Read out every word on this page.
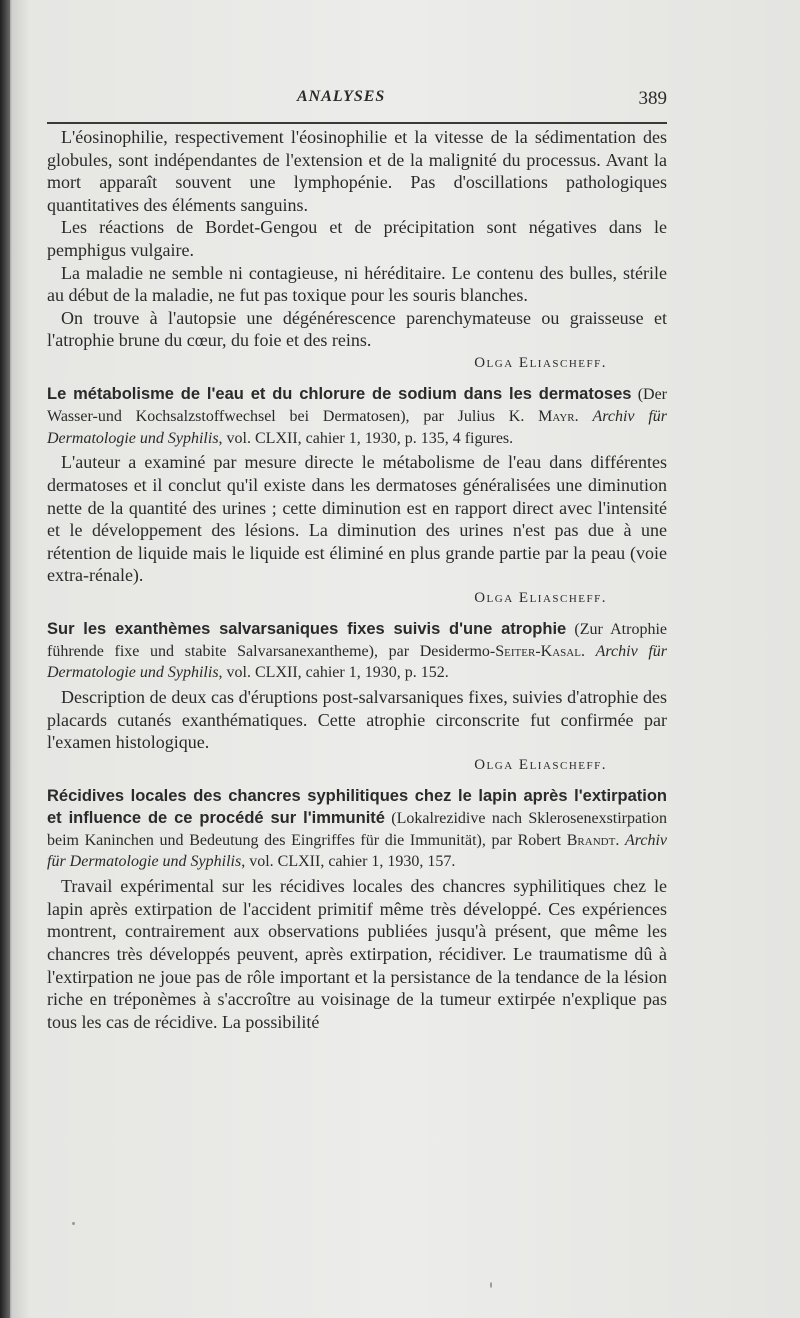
ANALYSES	389

L'éosinophilie, respectivement l'éosinophilie et la vitesse de la sédimentation des globules, sont indépendantes de l'extension et de la malignité du processus. Avant la mort apparaît souvent une lymphopénie. Pas d'oscillations pathologiques quantitatives des éléments sanguins.

Les réactions de Bordet-Gengou et de précipitation sont négatives dans le pemphigus vulgaire.

La maladie ne semble ni contagieuse, ni héréditaire. Le contenu des bulles, stérile au début de la maladie, ne fut pas toxique pour les souris blanches.

On trouve à l'autopsie une dégénérescence parenchymateuse ou graisseuse et l'atrophie brune du cœur, du foie et des reins.

Olga Eliascheff.
Le métabolisme de l'eau et du chlorure de sodium dans les dermatoses (Der Wasser-und Kochsalzstoffwechsel bei Dermatosen), par Julius K. Mayr. Archiv für Dermatologie und Syphilis, vol. CLXII, cahier 1, 1930, p. 135, 4 figures.

L'auteur a examiné par mesure directe le métabolisme de l'eau dans différentes dermatoses et il conclut qu'il existe dans les dermatoses généralisées une diminution nette de la quantité des urines ; cette diminution est en rapport direct avec l'intensité et le développement des lésions. La diminution des urines n'est pas due à une rétention de liquide mais le liquide est éliminé en plus grande partie par la peau (voie extra-rénale).

Olga Eliascheff.
Sur les exanthèmes salvarsaniques fixes suivis d'une atrophie (Zur Atrophie führende fixe und stabite Salvarsanexanthеme), par Desidermo-Seiter-Kasal. Archiv für Dermatologie und Syphilis, vol. CLXII, cahier 1, 1930, p. 152.

Description de deux cas d'éruptions post-salvarsaniques fixes, suivies d'atrophie des placards cutanés exanthématiques. Cette atrophie circonscrite fut confirmée par l'examen histologique.

Olga Eliascheff.
Récidives locales des chancres syphilitiques chez le lapin après l'extirpation et influence de ce procédé sur l'immunité (Lokalrezidive nach Sklerosenexstirpation beim Kaninchen und Bedeutung des Eingriffes für die Immunität), par Robert Brandt. Archiv für Dermatologie und Syphilis, vol. CLXII, cahier 1, 1930, 157.

Travail expérimental sur les récidives locales des chancres syphilitiques chez le lapin après extirpation de l'accident primitif même très développé. Ces expériences montrent, contrairement aux observations publiées jusqu'à présent, que même les chancres très développés peuvent, après extirpation, récidiver. Le traumatisme dû à l'extirpation ne joue pas de rôle important et la persistance de la tendance de la lésion riche en tréponèmes à s'accroître au voisinage de la tumeur extirpée n'explique pas tous les cas de récidive. La possibilité
